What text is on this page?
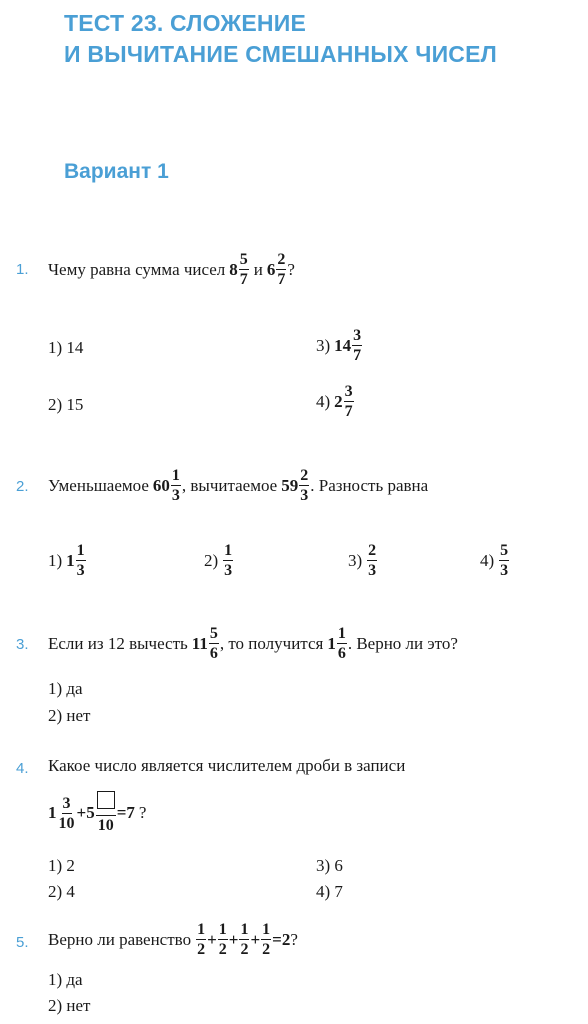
ТЕСТ 23. СЛОЖЕНИЕ
И ВЫЧИТАНИЕ СМЕШАННЫХ ЧИСЕЛ
Вариант 1
1. Чему равна сумма чисел $8 \frac{5}{7}$ и $6 \frac{2}{7}$ ?
1) 14	3) $14 \frac{3}{7}$
2) 15	4) $2 \frac{3}{7}$
2. Уменьшаемое $60 \frac{1}{3}$ , вычитаемое $59 \frac{2}{3}$ . Разность равна
1) $1 \frac{1}{3}$	$2) \frac{1}{3}$	$3) \frac{2}{3}$	$4) \frac{5}{3}$
3. Если из 12 вычесть $11 \frac{5}{6}$ , то получится $1 \frac{1}{6}$ . Верно ли это?
1) да
2) нет
4. Какое число является числителем дроби в записи
$1 \frac{3}{10} + 5$
10
=7 ?
1) 2	3) 6
2) 4	4) 7
5. Верно ли равенство $\frac{1}{2} + \frac{1}{2} + \frac{1}{2} + \frac{1}{2} =2$ ?
1) да
2) нет
